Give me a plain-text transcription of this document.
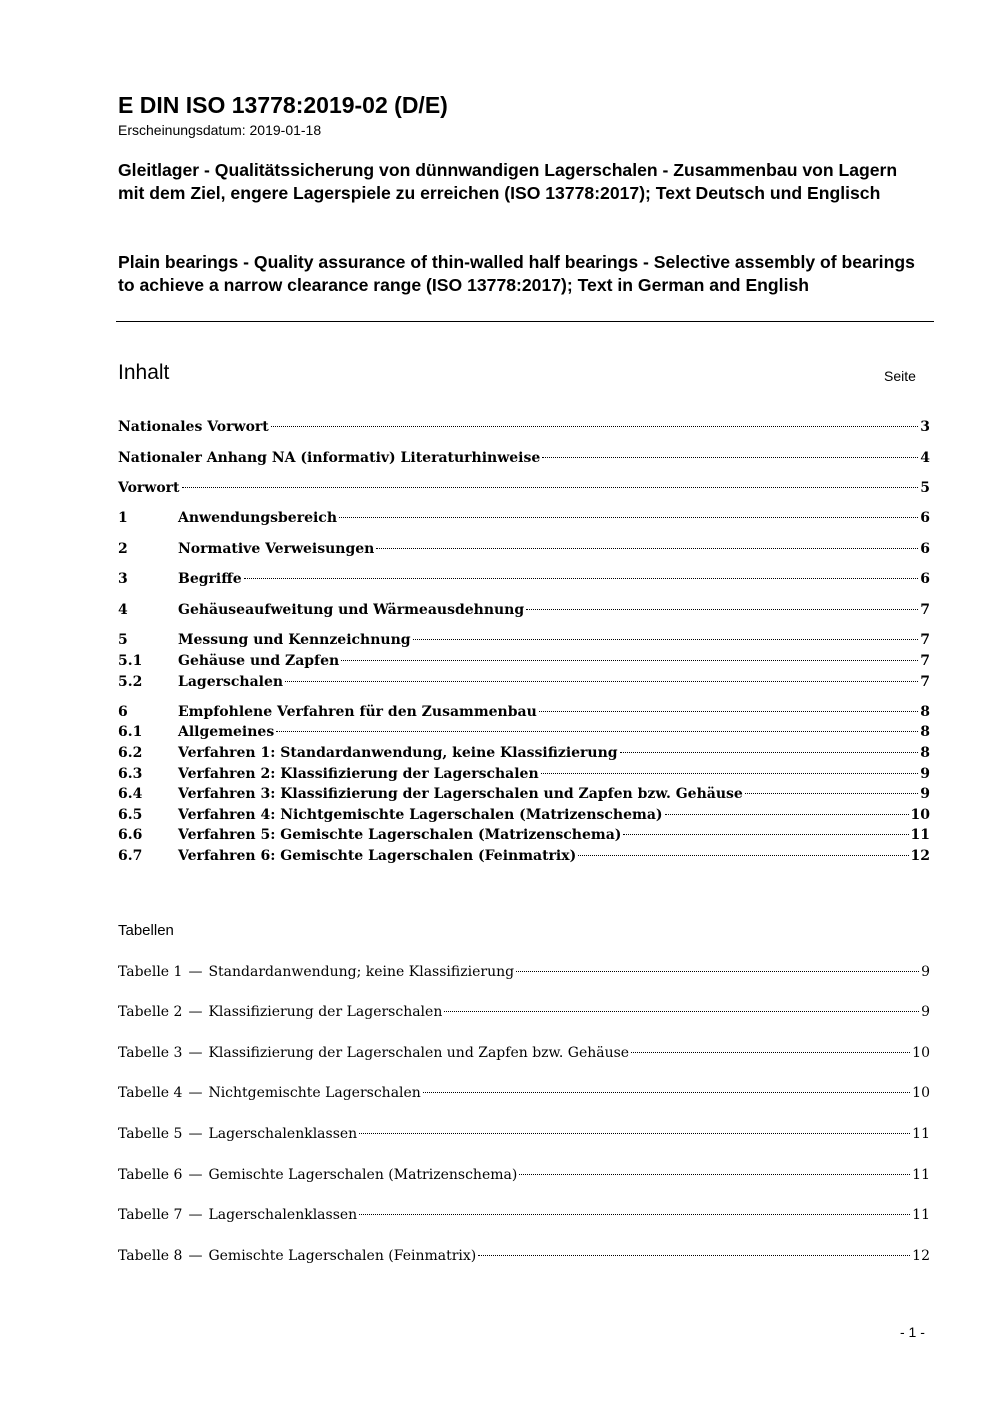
E DIN ISO 13778:2019-02 (D/E)
Erscheinungsdatum: 2019-01-18
Gleitlager - Qualitätssicherung von dünnwandigen Lagerschalen - Zusammenbau von Lagern mit dem Ziel, engere Lagerspiele zu erreichen (ISO 13778:2017); Text Deutsch und Englisch
Plain bearings - Quality assurance of thin-walled half bearings - Selective assembly of bearings to achieve a narrow clearance range (ISO 13778:2017); Text in German and English
Inhalt	Seite
Nationales Vorwort	3
Nationaler Anhang NA (informativ) Literaturhinweise	4
Vorwort	5
1	Anwendungsbereich	6
2	Normative Verweisungen	6
3	Begriffe	6
4	Gehäuseaufweitung und Wärmeausdehnung	7
5	Messung und Kennzeichnung	7
5.1	Gehäuse und Zapfen	7
5.2	Lagerschalen	7
6	Empfohlene Verfahren für den Zusammenbau	8
6.1	Allgemeines	8
6.2	Verfahren 1: Standardanwendung, keine Klassifizierung	8
6.3	Verfahren 2: Klassifizierung der Lagerschalen	9
6.4	Verfahren 3: Klassifizierung der Lagerschalen und Zapfen bzw. Gehäuse	9
6.5	Verfahren 4: Nichtgemischte Lagerschalen (Matrizenschema)	10
6.6	Verfahren 5: Gemischte Lagerschalen (Matrizenschema)	11
6.7	Verfahren 6: Gemischte Lagerschalen (Feinmatrix)	12
Tabellen
Tabelle 1 — Standardanwendung; keine Klassifizierung	9
Tabelle 2 — Klassifizierung der Lagerschalen	9
Tabelle 3 — Klassifizierung der Lagerschalen und Zapfen bzw. Gehäuse	10
Tabelle 4 — Nichtgemischte Lagerschalen	10
Tabelle 5 — Lagerschalenklassen	11
Tabelle 6 — Gemischte Lagerschalen (Matrizenschema)	11
Tabelle 7 — Lagerschalenklassen	11
Tabelle 8 — Gemischte Lagerschalen (Feinmatrix)	12
- 1 -
